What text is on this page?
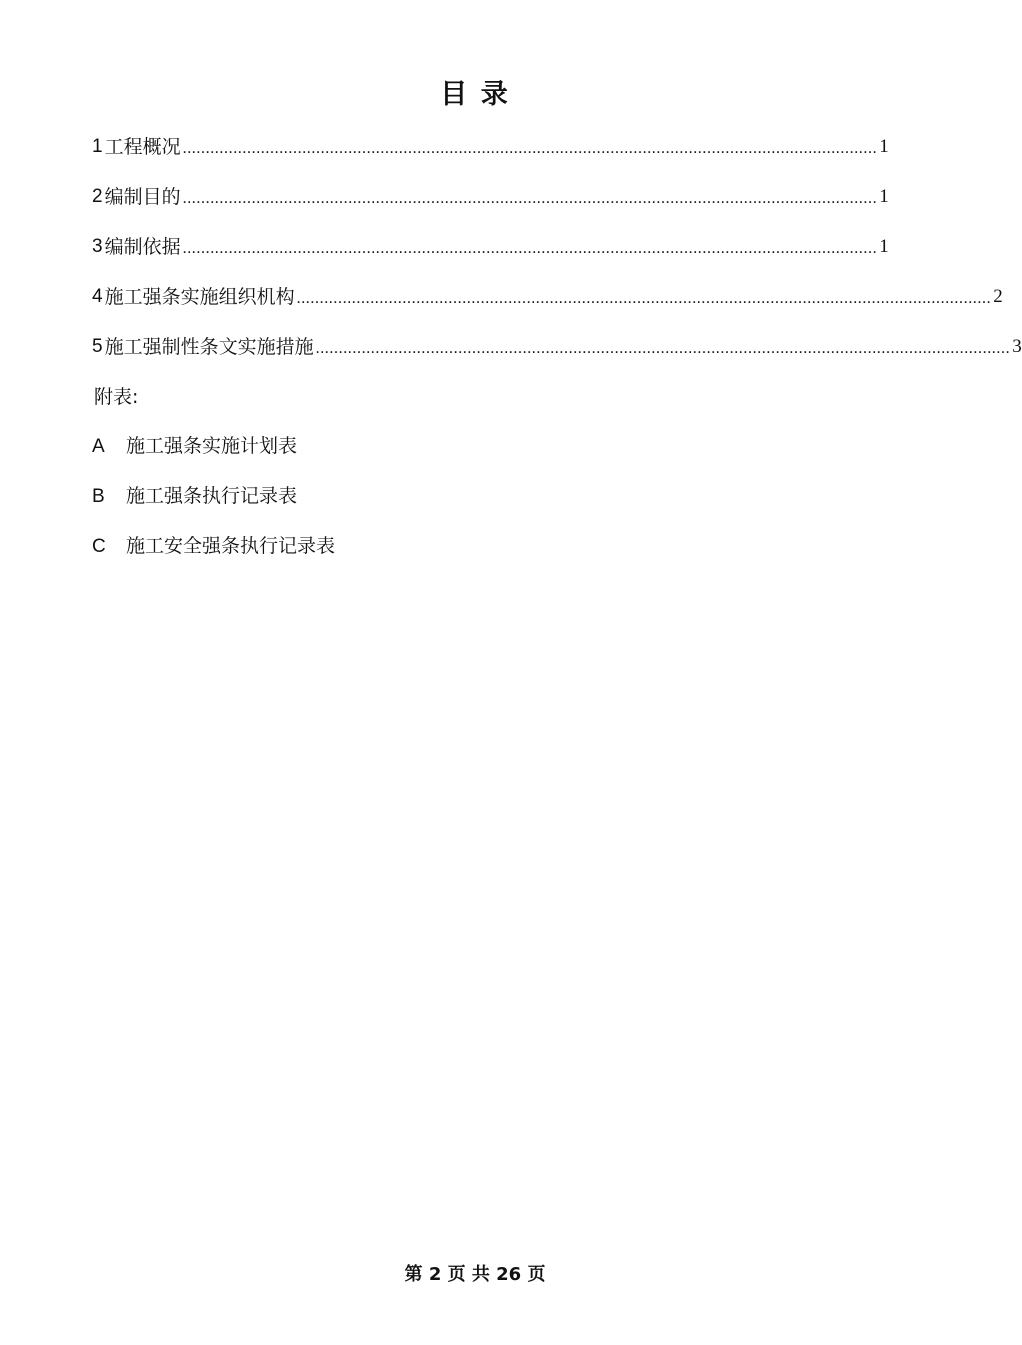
目 录
1 工程概况 ....................................................................................................................................................... 1
2 编制目的 ....................................................................................................................................................... 1
3 编制依据 ....................................................................................................................................................... 1
4 施工强条实施组织机构 ....................................................................................................................................................... 2
5 施工强制性条文实施措施 ....................................................................................................................................................... 3
附表:
A 施工强条实施计划表
B 施工强条执行记录表
C 施工安全强条执行记录表
第 2 页 共 26 页
